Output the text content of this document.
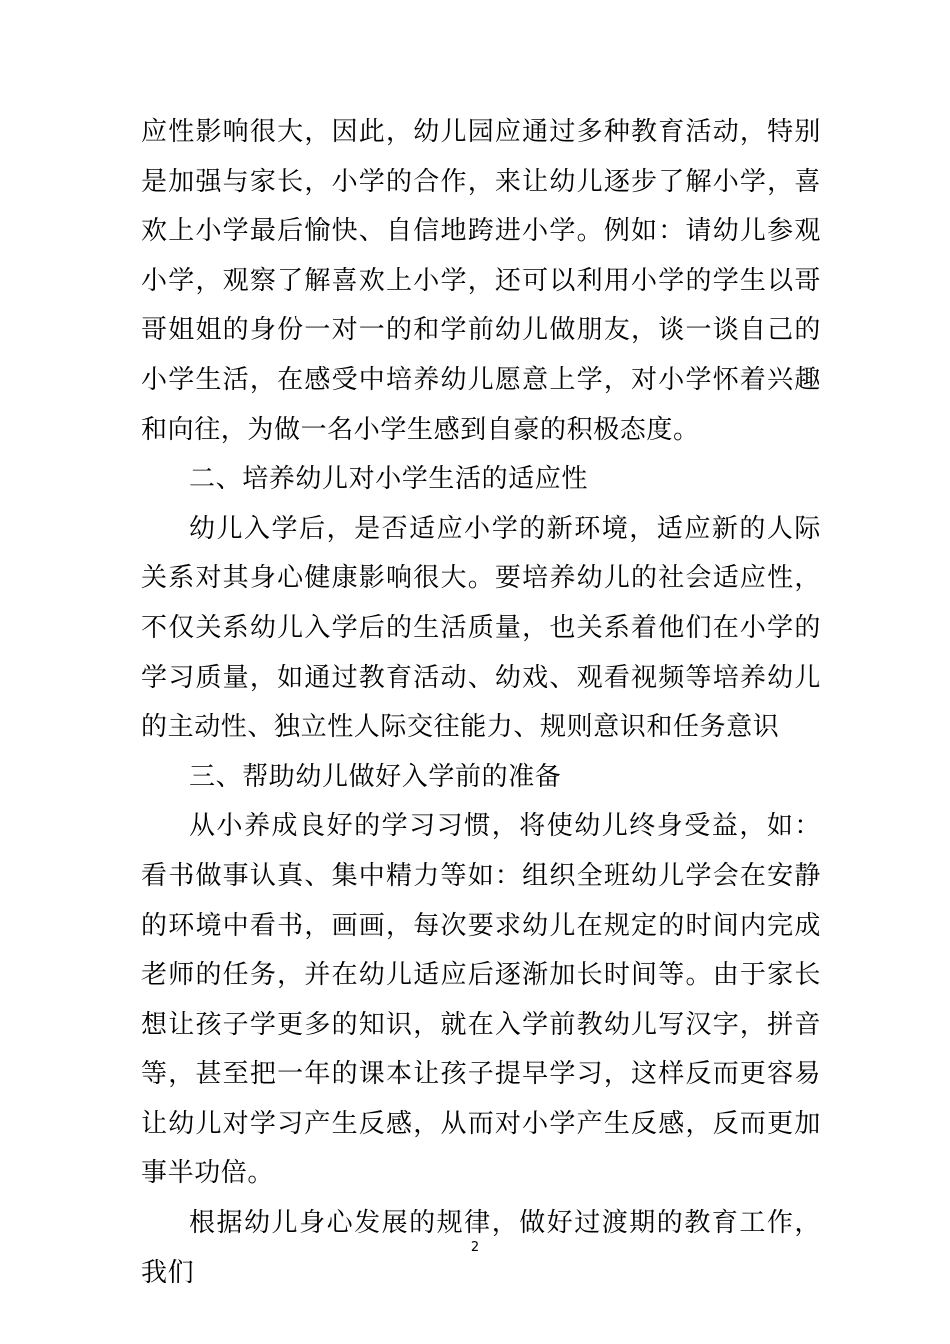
应性影响很大，因此，幼儿园应通过多种教育活动，特别是加强与家长，小学的合作，来让幼儿逐步了解小学，喜欢上小学最后愉快、自信地跨进小学。例如：请幼儿参观小学，观察了解喜欢上小学，还可以利用小学的学生以哥哥姐姐的身份一对一的和学前幼儿做朋友，谈一谈自己的小学生活，在感受中培养幼儿愿意上学，对小学怀着兴趣和向往，为做一名小学生感到自豪的积极态度。

二、培养幼儿对小学生活的适应性

幼儿入学后，是否适应小学的新环境，适应新的人际关系对其身心健康影响很大。要培养幼儿的社会适应性，不仅关系幼儿入学后的生活质量，也关系着他们在小学的学习质量，如通过教育活动、幼戏、观看视频等培养幼儿的主动性、独立性人际交往能力、规则意识和任务意识

三、帮助幼儿做好入学前的准备

从小养成良好的学习习惯，将使幼儿终身受益，如：看书做事认真、集中精力等如：组织全班幼儿学会在安静的环境中看书，画画，每次要求幼儿在规定的时间内完成老师的任务，并在幼儿适应后逐渐加长时间等。由于家长想让孩子学更多的知识，就在入学前教幼儿写汉字，拼音等，甚至把一年的课本让孩子提早学习，这样反而更容易让幼儿对学习产生反感，从而对小学产生反感，反而更加事半功倍。

根据幼儿身心发展的规律，做好过渡期的教育工作，我们

2
